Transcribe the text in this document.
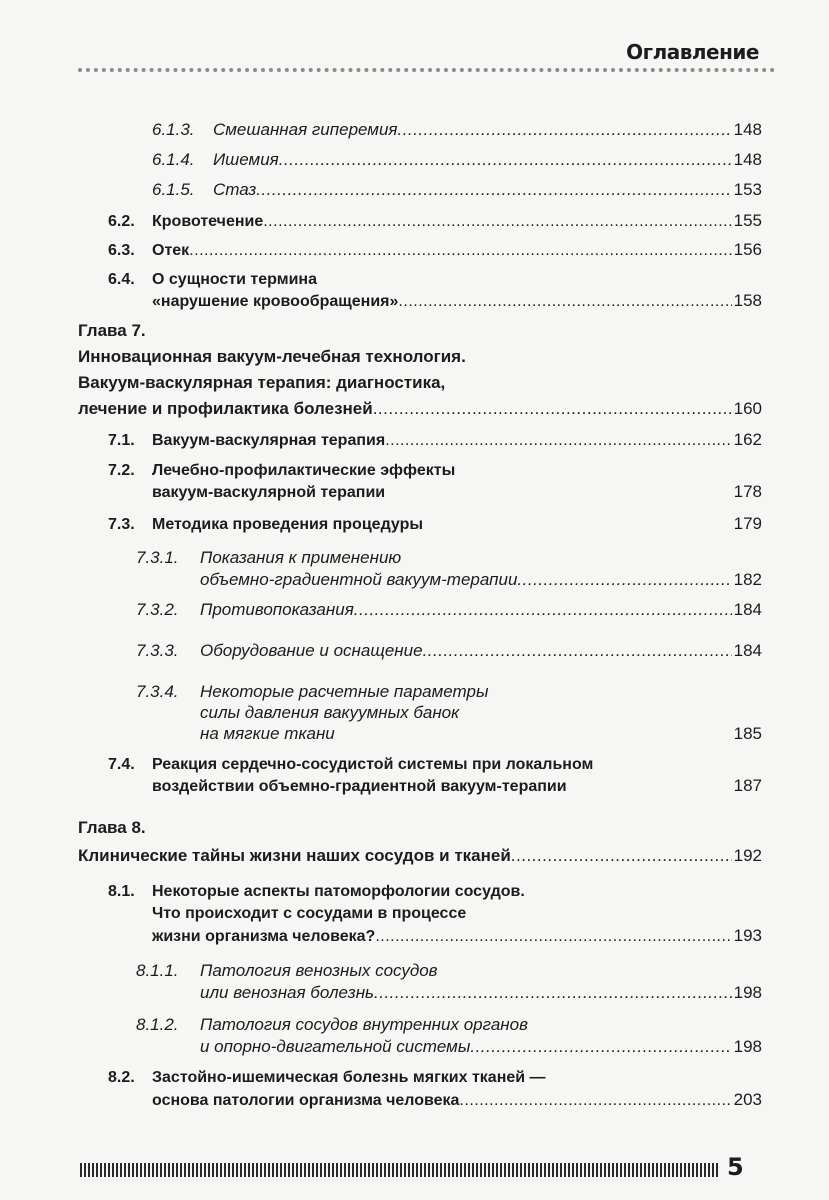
Оглавление
6.1.3.	Смешанная гиперемия .....	148
6.1.4.	Ишемия .....	148
6.1.5.	Стаз .....	153
6.2.	Кровотечение .....	155
6.3.	Отек .....	156
6.4. О сущности термина
«нарушение кровообращения» .....	158
Глава 7.
Инновационная вакуум-лечебная технология.
Вакуум-васкулярная терапия: диагностика,
лечение и профилактика болезней .....	160
7.1.	Вакуум-васкулярная терапия .....	162
7.2. Лечебно-профилактические эффекты
вакуум-васкулярной терапии	178
7.3.	Методика проведения процедуры	179
7.3.1. Показания к применению
объемно-градиентной вакуум-терапии .....	182
7.3.2.	Противопоказания .....	184
7.3.3.	Оборудование и оснащение .....	184
7.3.4. Некоторые расчетные параметры
силы давления вакуумных банок
на мягкие ткани	185
7.4. Реакция сердечно-сосудистой системы при локальном
воздействии объемно-градиентной вакуум-терапии	187
Глава 8.
Клинические тайны жизни наших сосудов и тканей .....	192
8.1. Некоторые аспекты патоморфологии сосудов.
Что происходит с сосудами в процессе
жизни организма человека? .....	193
8.1.1. Патология венозных сосудов
или венозная болезнь .....	198
8.1.2. Патология сосудов внутренних органов
и опорно-двигательной системы .....	198
8.2. Застойно-ишемическая болезнь мягких тканей —
основа патологии организма человека .....	203
5
